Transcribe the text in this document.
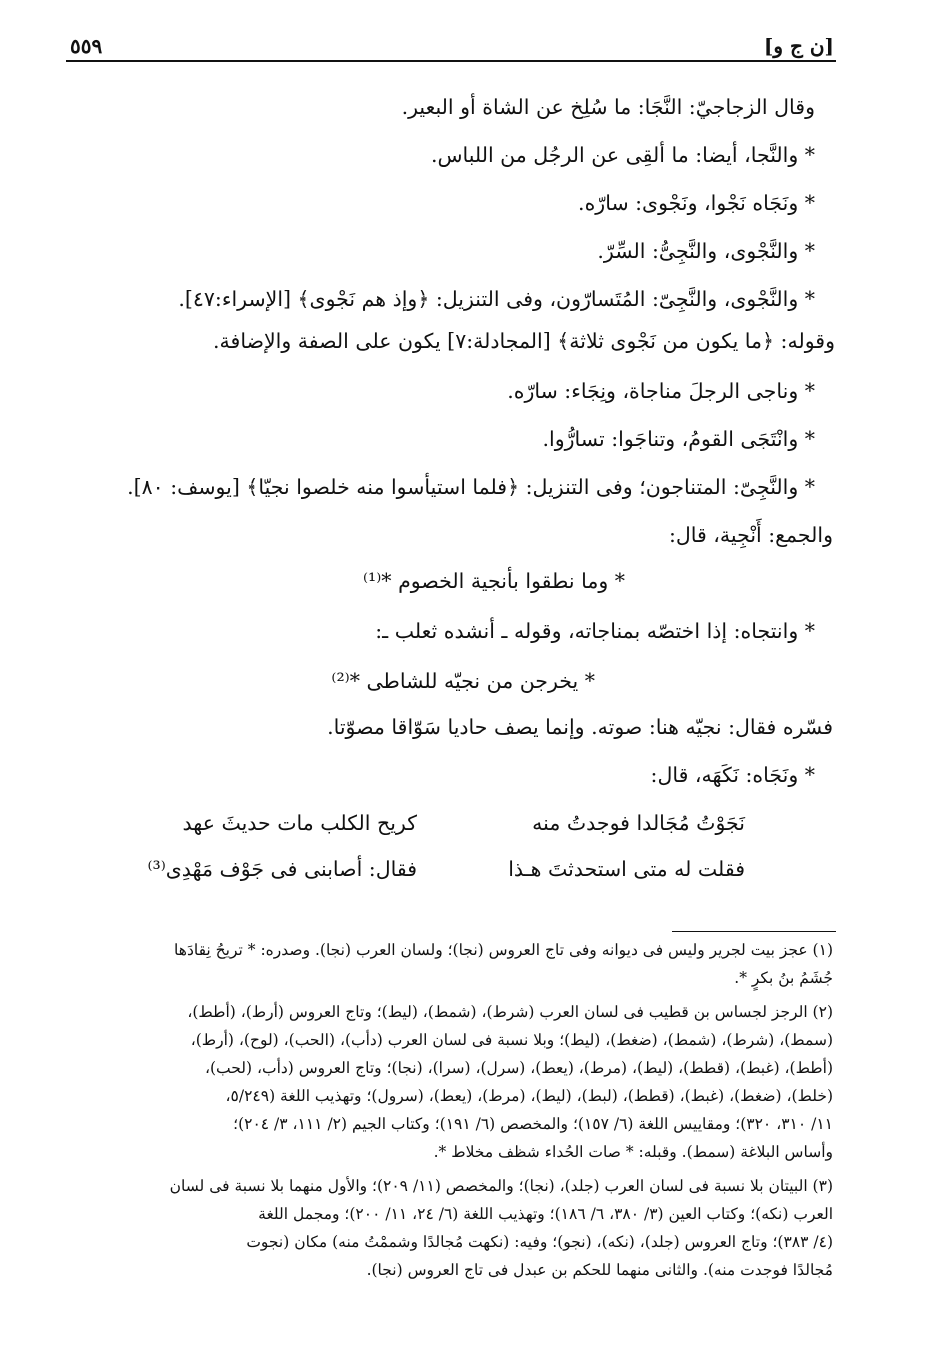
٥٥٩	[ن ج و]
وقال الزجاجيّ: النَّجَا: ما سُلِخ عن الشاة أو البعير.
* والنَّجا، أيضا: ما ألقِى عن الرجُل من اللباس.
* ونَجَاه نَجْوا، ونَجْوى: سارّه.
* والنَّجْوى، والنَّجِىُّ: السِّرّ.
* والنَّجْوى، والنَّجِىّ: المُتَسارّون، وفى التنزيل: ﴿وإذ هم نَجْوى﴾ [الإسراء:٤٧].
وقوله: ﴿ما يكون من نَجْوى ثلاثة﴾ [المجادلة:٧] يكون على الصفة والإضافة.
* وناجى الرجلَ مناجاة، ونِجَاء: سارّه.
* وانْتَجَى القومُ، وتناجَوا: تسارُّوا.
* والنَّجِىّ: المتناجون؛ وفى التنزيل: ﴿فلما استيأسوا منه خلصوا نجيّا﴾ [يوسف: ٨٠].
والجمع: أَنْجِية، قال:
* وما نطقوا بأنجية الخصوم *⁽¹⁾
* وانتجاه: إذا اختصّه بمناجاته، وقوله ـ أنشده ثعلب ـ:
* يخرجن من نجيّه للشاطى *⁽²⁾
فسّره فقال: نجيّه هنا: صوته. وإنما يصف حاديا سَوّاقا مصوّتا.
* ونَجَاه: نَكَهَه، قال:
نَجَوْتُ مُجَالدا فوجدتُ منه
كريح الكلب مات حديثَ عهد
فقلت له متى استحدثتَ هـذا
فقال: أصابنى فى جَوْف مَهْدِى⁽³⁾
(١) عجز بيت لجرير وليس فى ديوانه وفى تاج العروس (نجا)؛ ولسان العرب (نجا). وصدره: * تريحُ نِقادَها
جُشَمُ بنُ بكرٍ *.
(٢) الرجز لجساس بن قطيب فى لسان العرب (شرط)، (شمط)، (ليط)؛ وتاج العروس (أرط)، (أطط)،
(سمط)، (شرط)، (شمط)، (ضغط)، (ليط)؛ وبلا نسبة فى لسان العرب (دأب)، (الحب)، (لوح)، (أرط)،
(أطط)، (غبط)، (قطط)، (ليط)، (مرط)، (يعط)، (سرل)، (سرا)، (نجا)؛ وتاج العروس (دأب، (لحب)،
(خلط)، (ضغط)، (غبط)، (قطط)، (لبط)، (ليط)، (مرط)، (يعط)، (سرول)؛ وتهذيب اللغة (٥/٢٤٩،
١١/ ٣١٠، ٣٢٠)؛ ومقاييس اللغة (٦/ ١٥٧)؛ والمخصص (٦/ ١٩١)؛ وكتاب الجيم (٢/ ١١١، ٣/ ٢٠٤)؛
وأساس البلاغة (سمط). وقبله: * صات الحُداء شظف مخلاط *.
(٣) البيتان بلا نسبة فى لسان العرب (جلد)، (نجا)؛ والمخصص (١١/ ٢٠٩)؛ والأول منهما بلا نسبة فى لسان
العرب (نكه)؛ وكتاب العين (٣/ ٣٨٠، ٦/ ١٨٦)؛ وتهذيب اللغة (٦/ ٢٤، ١١/ ٢٠٠)؛ ومجمل اللغة
(٤/ ٣٨٣)؛ وتاج العروس (جلد)، (نكه)، (نجو)؛ وفيه: (نكهت مُجالدًا وشممْتُ منه) مكان (نجوت
مُجالدًا فوجدت منه). والثانى منهما للحكم بن عبدل فى تاج العروس (نجا).
